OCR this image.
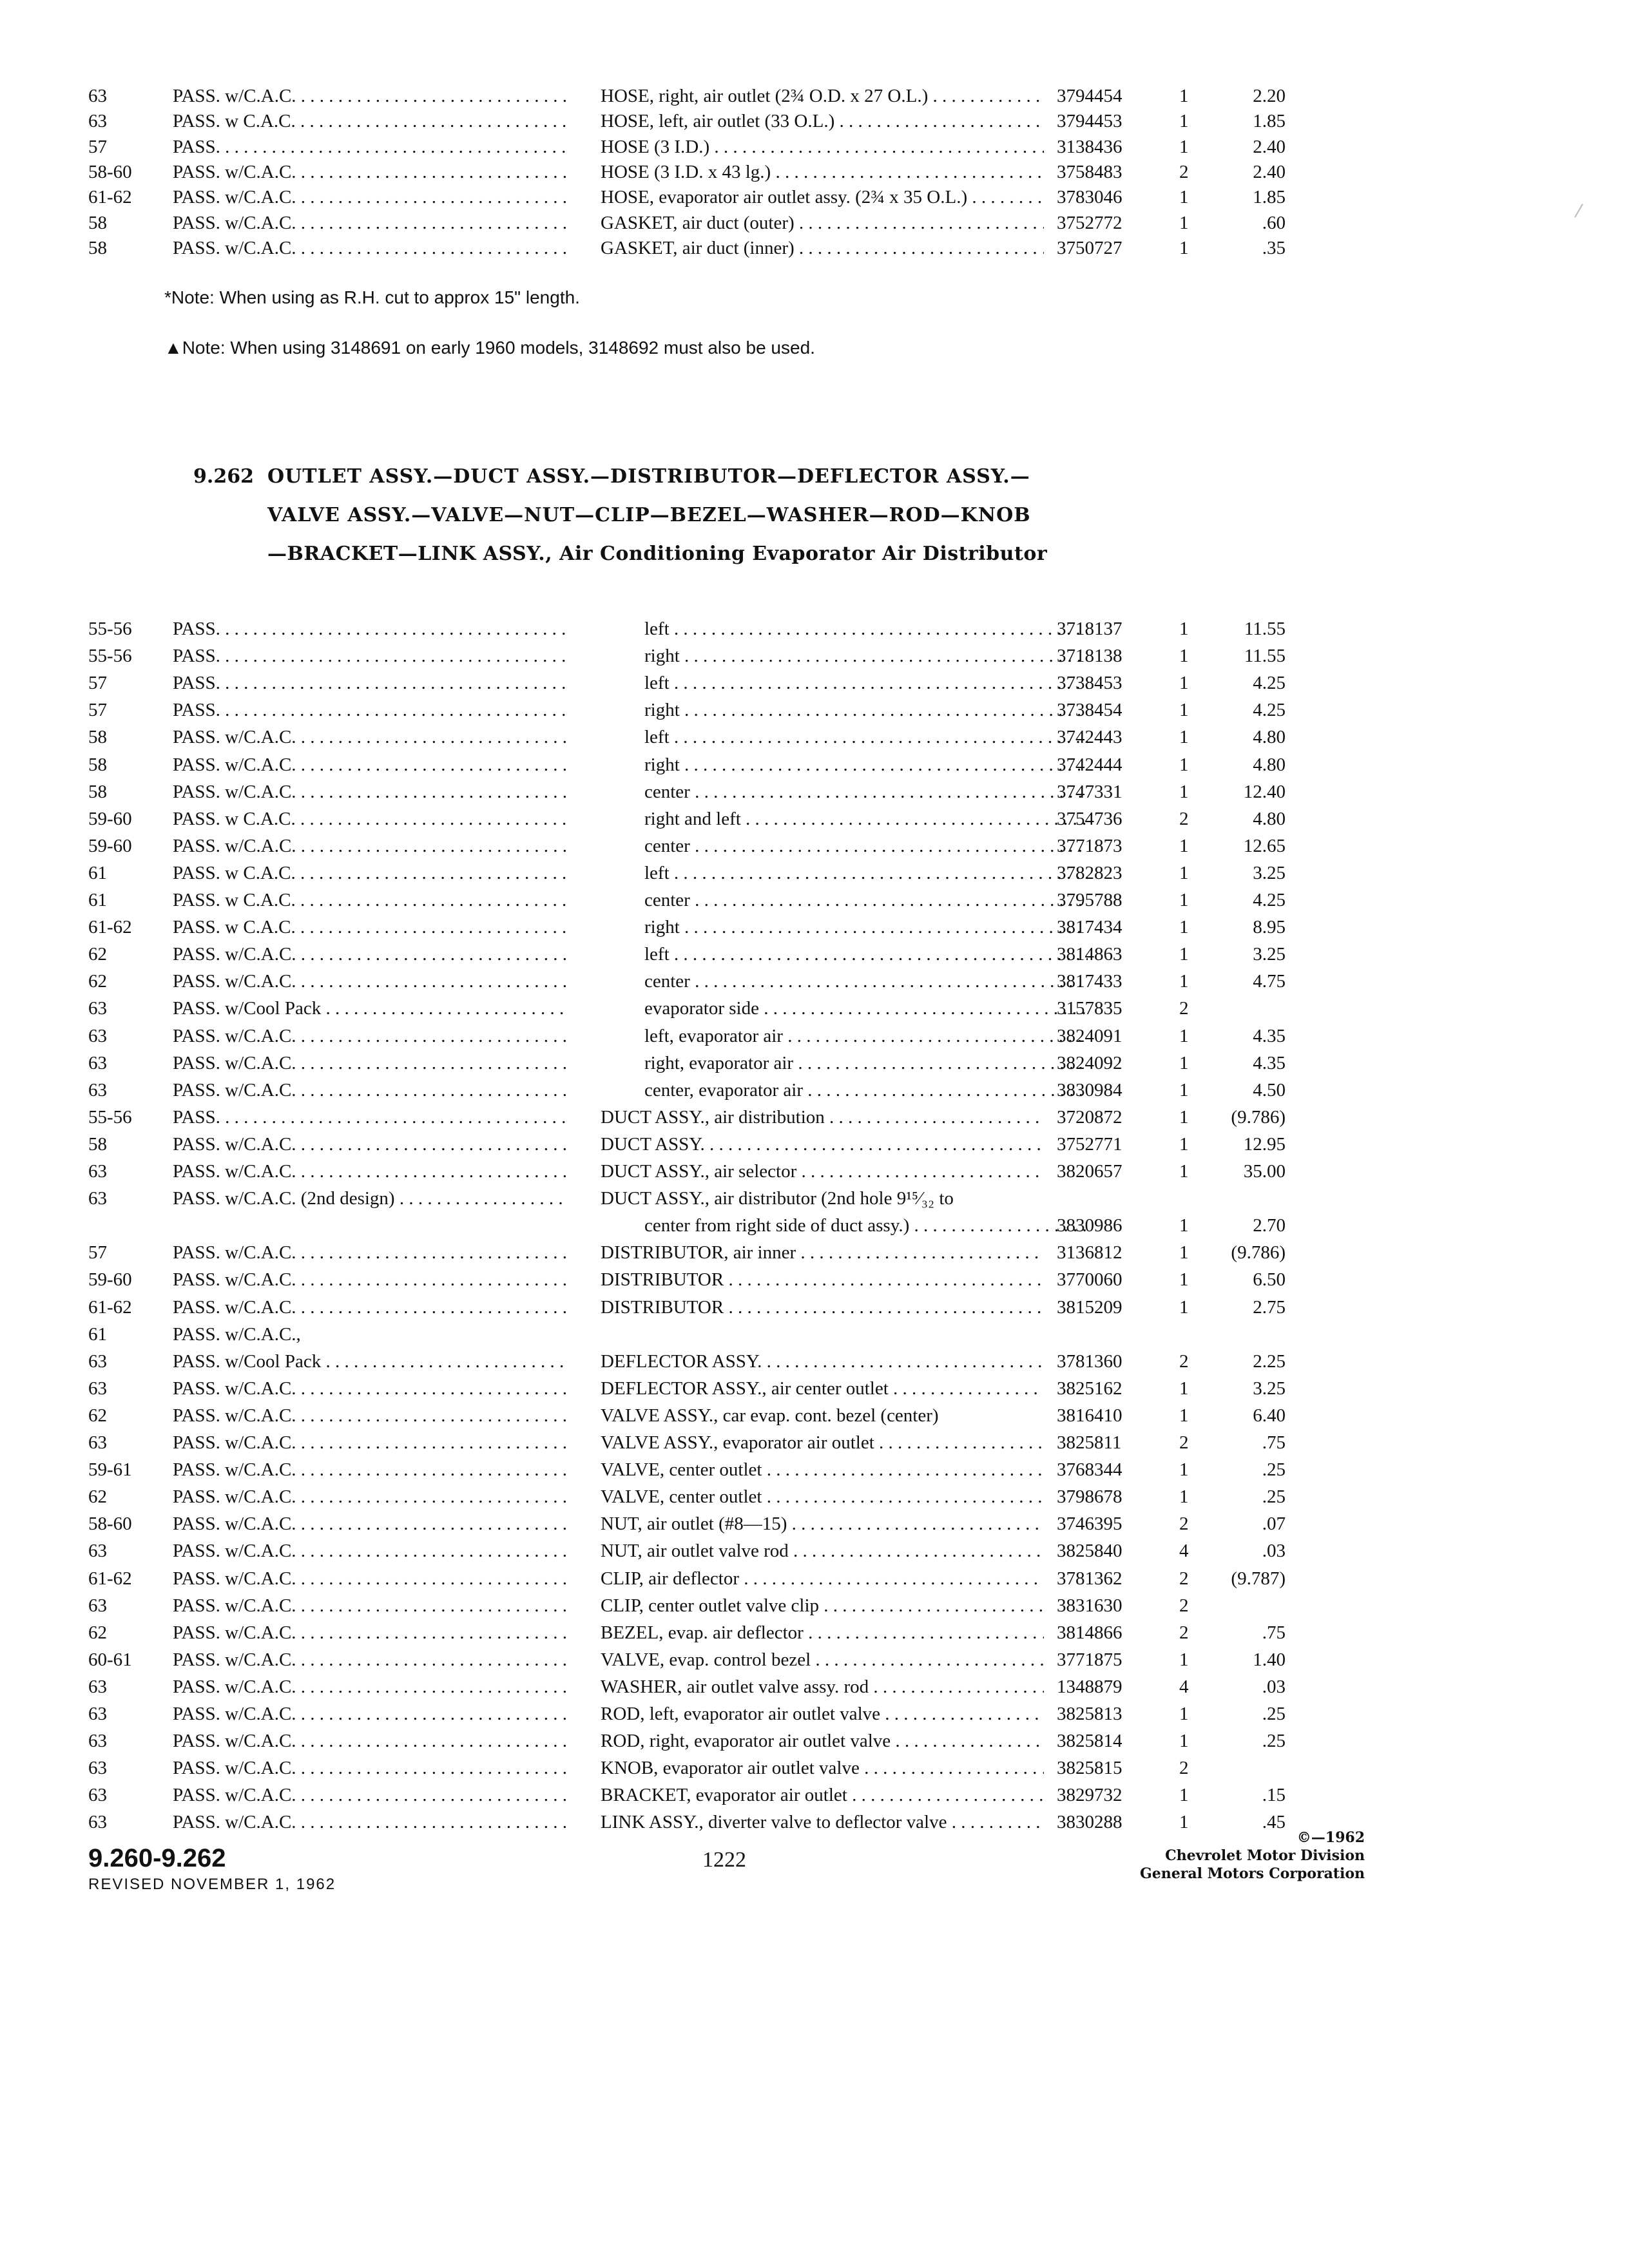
63	PASS. w/C.A.C. . . .	HOSE, right, air outlet (2¾ O.D. x 27 O.L.) . . .	3794454	1	2.20
63	PASS. w C.A.C. . . .	HOSE, left, air outlet (33 O.L.) . . .	3794453	1	1.85
57	PASS. . . .	HOSE (3 I.D.) . . .	3138436	1	2.40
58-60	PASS. w/C.A.C. . . .	HOSE (3 I.D. x 43 lg.) . . .	3758483	2	2.40
61-62	PASS. w/C.A.C. . . .	HOSE, evaporator air outlet assy. (2¾ x 35 O.L.) . . .	3783046	1	1.85
58	PASS. w/C.A.C. . . .	GASKET, air duct (outer) . . .	3752772	1	.60
58	PASS. w/C.A.C. . . .	GASKET, air duct (inner) . . .	3750727	1	.35
*Note: When using as R.H. cut to approx 15" length.
▲Note: When using 3148691 on early 1960 models, 3148692 must also be used.
9.262 OUTLET ASSY.—DUCT ASSY.—DISTRIBUTOR—DEFLECTOR ASSY.—
VALVE ASSY.—VALVE—NUT—CLIP—BEZEL—WASHER—ROD—KNOB
—BRACKET—LINK ASSY., Air Conditioning Evaporator Air Distributor
55-56	PASS. . . .	left . . .	3718137	1	11.55
55-56	PASS. . . .	right . . .	3718138	1	11.55
57	PASS. . . .	left . . .	3738453	1	4.25
57	PASS. . . .	right . . .	3738454	1	4.25
58	PASS. w/C.A.C. . . .	left . . .	3742443	1	4.80
58	PASS. w/C.A.C. . . .	right . . .	3742444	1	4.80
58	PASS. w/C.A.C. . . .	center . . .	3747331	1	12.40
59-60	PASS. w C.A.C. . . .	right and left . . .	3754736	2	4.80
59-60	PASS. w/C.A.C. . . .	center . . .	3771873	1	12.65
61	PASS. w C.A.C. . . .	left . . .	3782823	1	3.25
61	PASS. w C.A.C. . . .	center . . .	3795788	1	4.25
61-62	PASS. w C.A.C. . . .	right . . .	3817434	1	8.95
62	PASS. w/C.A.C. . . .	left . . .	3814863	1	3.25
62	PASS. w/C.A.C. . . .	center . . .	3817433	1	4.75
63	PASS. w/Cool Pack . . .	evaporator side . . .	3157835	2
63	PASS. w/C.A.C. . . .	left, evaporator air . . .	3824091	1	4.35
63	PASS. w/C.A.C. . . .	right, evaporator air . . .	3824092	1	4.35
63	PASS. w/C.A.C. . . .	center, evaporator air . . .	3830984	1	4.50
55-56	PASS. . . .	DUCT ASSY., air distribution . . .	3720872	1	(9.786)
58	PASS. w/C.A.C. . . .	DUCT ASSY. . . .	3752771	1	12.95
63	PASS. w/C.A.C. . . .	DUCT ASSY., air selector . . .	3820657	1	35.00
63	PASS. w/C.A.C. (2nd design) . . .	DUCT ASSY., air distributor (2nd hole 9¹⁵⁄₃₂ to
center from right side of duct assy.) . . .	3830986	1	2.70
57	PASS. w/C.A.C. . . .	DISTRIBUTOR, air inner . . .	3136812	1	(9.786)
59-60	PASS. w/C.A.C. . . .	DISTRIBUTOR . . .	3770060	1	6.50
61-62	PASS. w/C.A.C. . . .	DISTRIBUTOR . . .	3815209	1	2.75
61	PASS. w/C.A.C.,
63	PASS. w/Cool Pack . . .	DEFLECTOR ASSY. . . .	3781360	2	2.25
63	PASS. w/C.A.C. . . .	DEFLECTOR ASSY., air center outlet . . .	3825162	1	3.25
62	PASS. w/C.A.C. . . .	VALVE ASSY., car evap. cont. bezel (center)	3816410	1	6.40
63	PASS. w/C.A.C. . . .	VALVE ASSY., evaporator air outlet . . .	3825811	2	.75
59-61	PASS. w/C.A.C. . . .	VALVE, center outlet . . .	3768344	1	.25
62	PASS. w/C.A.C. . . .	VALVE, center outlet . . .	3798678	1	.25
58-60	PASS. w/C.A.C. . . .	NUT, air outlet (#8—15) . . .	3746395	2	.07
63	PASS. w/C.A.C. . . .	NUT, air outlet valve rod . . .	3825840	4	.03
61-62	PASS. w/C.A.C. . . .	CLIP, air deflector . . .	3781362	2	(9.787)
63	PASS. w/C.A.C. . . .	CLIP, center outlet valve clip . . .	3831630	2
62	PASS. w/C.A.C. . . .	BEZEL, evap. air deflector . . .	3814866	2	.75
60-61	PASS. w/C.A.C. . . .	VALVE, evap. control bezel . . .	3771875	1	1.40
63	PASS. w/C.A.C. . . .	WASHER, air outlet valve assy. rod . . .	1348879	4	.03
63	PASS. w/C.A.C. . . .	ROD, left, evaporator air outlet valve . . .	3825813	1	.25
63	PASS. w/C.A.C. . . .	ROD, right, evaporator air outlet valve . . .	3825814	1	.25
63	PASS. w/C.A.C. . . .	KNOB, evaporator air outlet valve . . .	3825815	2
63	PASS. w/C.A.C. . . .	BRACKET, evaporator air outlet . . .	3829732	1	.15
63	PASS. w/C.A.C. . . .	LINK ASSY., diverter valve to deflector valve . . .	3830288	1	.45
9.260-9.262
REVISED NOVEMBER 1, 1962
1222
©—1962
Chevrolet Motor Division
General Motors Corporation
